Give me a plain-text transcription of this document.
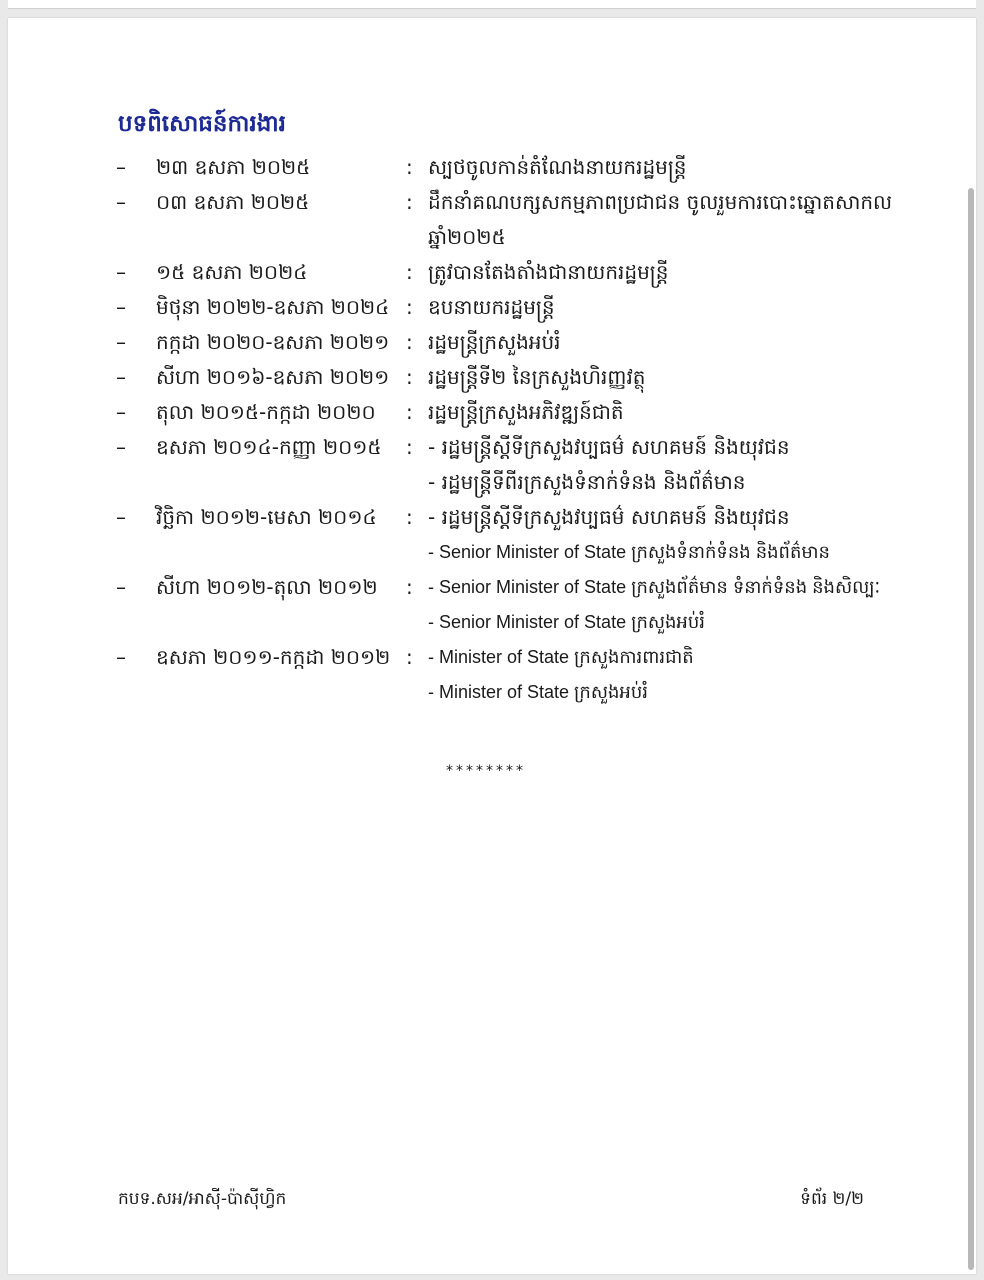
បទពិសោធន៍ការងារ
–	២៣ ឧសភា ២០២៥	: ស្បថចូលកាន់តំណែងនាយករដ្ឋមន្ត្រី
–	០៣ ឧសភា ២០២៥	: ដឹកនាំគណបក្សសកម្មភាពប្រជាជន ចូលរួមការបោះឆ្នោតសាកល
ឆ្នាំ២០២៥
–	១៥ ឧសភា ២០២៤	: ត្រូវបានតែងតាំងជានាយករដ្ឋមន្ត្រី
–	មិថុនា ២០២២-ឧសភា ២០២៤ : ឧបនាយករដ្ឋមន្ត្រី
–	កក្កដា ២០២០-ឧសភា ២០២១ : រដ្ឋមន្ត្រីក្រសួងអប់រំ
–	សីហា ២០១៦-ឧសភា ២០២១ : រដ្ឋមន្ត្រីទី២ នៃក្រសួងហិរញ្ញវត្ថុ
–	តុលា ២០១៥-កក្កដា ២០២០	: រដ្ឋមន្ត្រីក្រសួងអភិវឌ្ឍន៍ជាតិ
–	ឧសភា ២០១៤-កញ្ញា ២០១៥	: - រដ្ឋមន្ត្រីស្តីទីក្រសួងវប្បធម៌ សហគមន៍ និងយុវជន
- រដ្ឋមន្ត្រីទីពីរក្រសួងទំនាក់ទំនង និងព័ត៌មាន
–	វិច្ឆិកា ២០១២-មេសា ២០១៤	: - រដ្ឋមន្ត្រីស្តីទីក្រសួងវប្បធម៌ សហគមន៍ និងយុវជន
- Senior Minister of State ក្រសួងទំនាក់ទំនង និងព័ត៌មាន
–	សីហា ២០១២-តុលា ២០១២	: - Senior Minister of State ក្រសួងព័ត៌មាន ទំនាក់ទំនង និងសិល្បៈ
- Senior Minister of State ក្រសួងអប់រំ
–	ឧសភា ២០១១-កក្កដា ២០១២ : - Minister of State ក្រសួងការពារជាតិ
- Minister of State ក្រសួងអប់រំ
********
កបទ.សអ/អាស៊ី-ប៉ាស៊ីហ្វិក	ទំព័រ ២/២
